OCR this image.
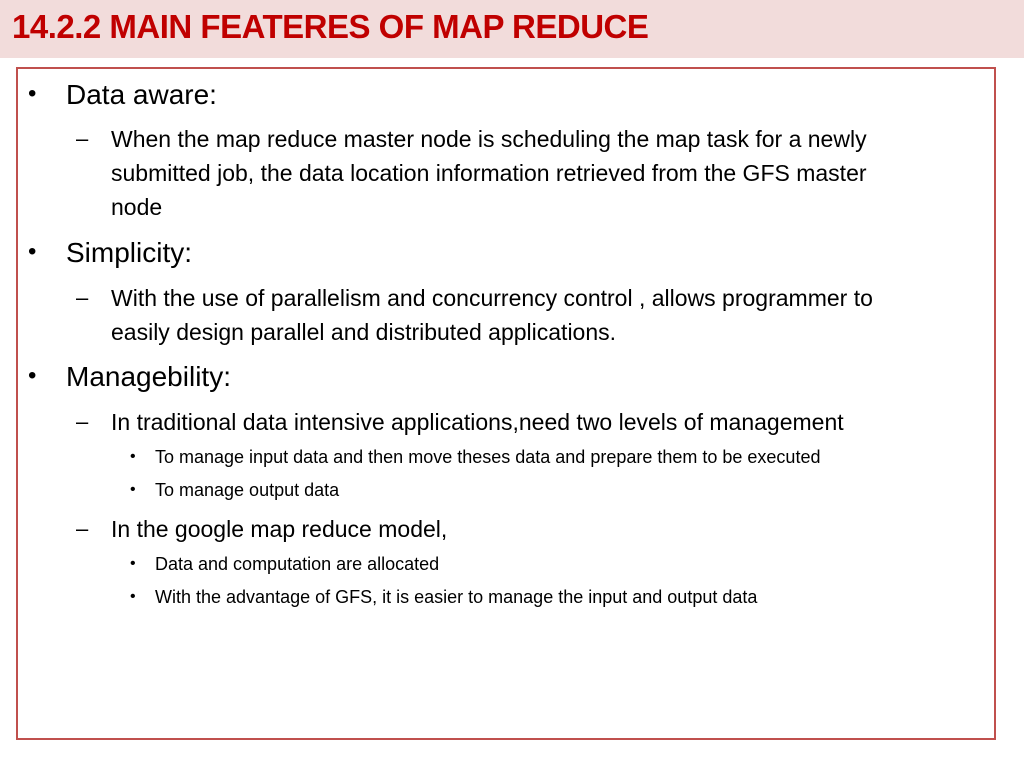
14.2.2 MAIN FEATERES OF MAP REDUCE
• Data aware:
– When the map reduce master node is scheduling the map task for a newly
submitted job, the data location information retrieved from the GFS master
node
• Simplicity:
– With the use of parallelism and concurrency control , allows programmer to
easily design parallel and distributed applications.
• Managebility:
– In traditional data intensive applications,need two levels of management
• To manage input data and then move theses data and prepare them to be executed
• To manage output data
– In the google map reduce model,
• Data and computation are allocated
• With the advantage of GFS, it is easier to manage the input and output data
